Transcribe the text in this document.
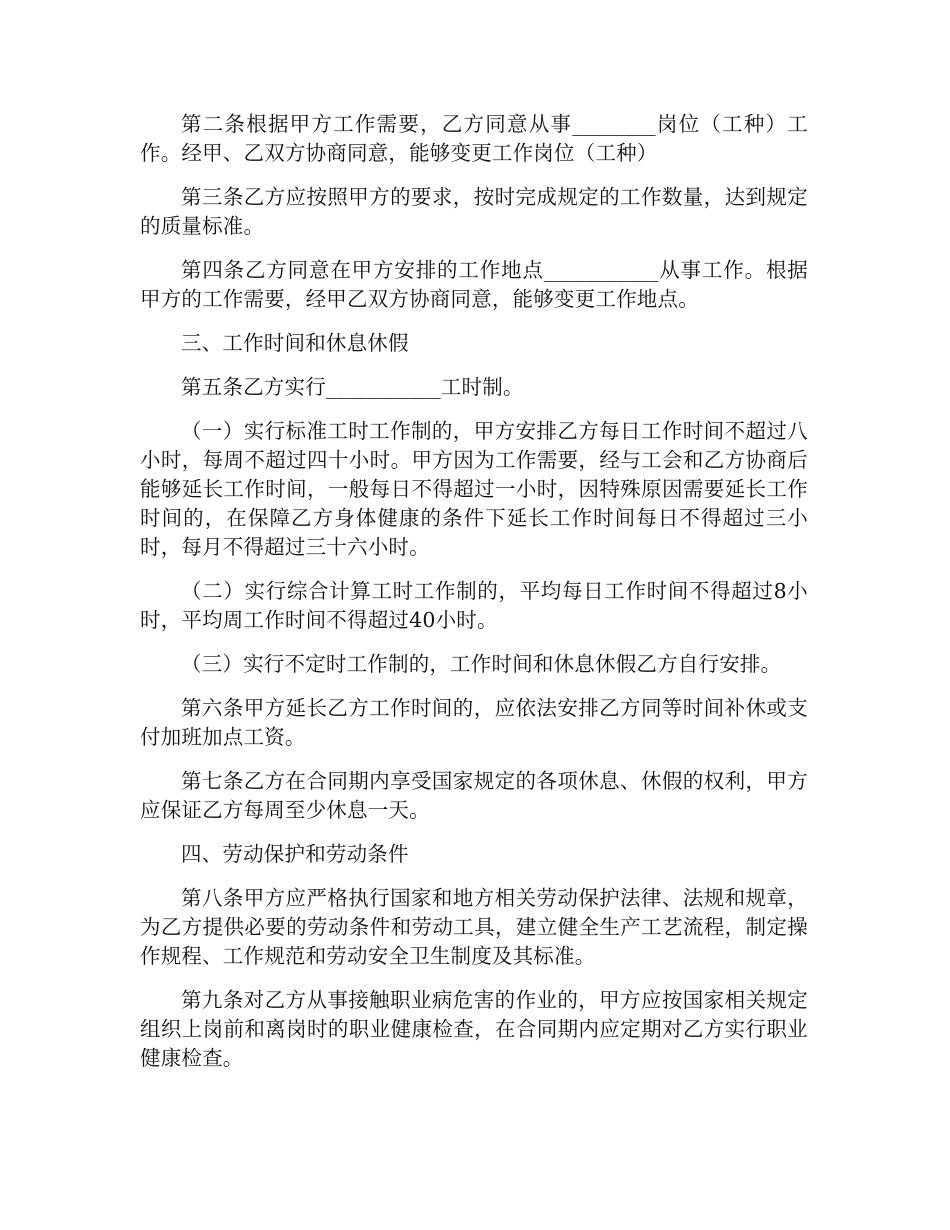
第二条根据甲方工作需要，乙方同意从事________岗位（工种）工作。经甲、乙双方协商同意，能够变更工作岗位（工种）

第三条乙方应按照甲方的要求，按时完成规定的工作数量，达到规定的质量标准。

第四条乙方同意在甲方安排的工作地点___________从事工作。根据甲方的工作需要，经甲乙双方协商同意，能够变更工作地点。

三、工作时间和休息休假

第五条乙方实行___________工时制。

（一）实行标准工时工作制的，甲方安排乙方每日工作时间不超过八小时，每周不超过四十小时。甲方因为工作需要，经与工会和乙方协商后能够延长工作时间，一般每日不得超过一小时，因特殊原因需要延长工作时间的，在保障乙方身体健康的条件下延长工作时间每日不得超过三小时，每月不得超过三十六小时。

（二）实行综合计算工时工作制的，平均每日工作时间不得超过8小时，平均周工作时间不得超过40小时。

（三）实行不定时工作制的，工作时间和休息休假乙方自行安排。

第六条甲方延长乙方工作时间的，应依法安排乙方同等时间补休或支付加班加点工资。

第七条乙方在合同期内享受国家规定的各项休息、休假的权利，甲方应保证乙方每周至少休息一天。

四、劳动保护和劳动条件

第八条甲方应严格执行国家和地方相关劳动保护法律、法规和规章，为乙方提供必要的劳动条件和劳动工具，建立健全生产工艺流程，制定操作规程、工作规范和劳动安全卫生制度及其标准。

第九条对乙方从事接触职业病危害的作业的，甲方应按国家相关规定组织上岗前和离岗时的职业健康检查，在合同期内应定期对乙方实行职业健康检查。
